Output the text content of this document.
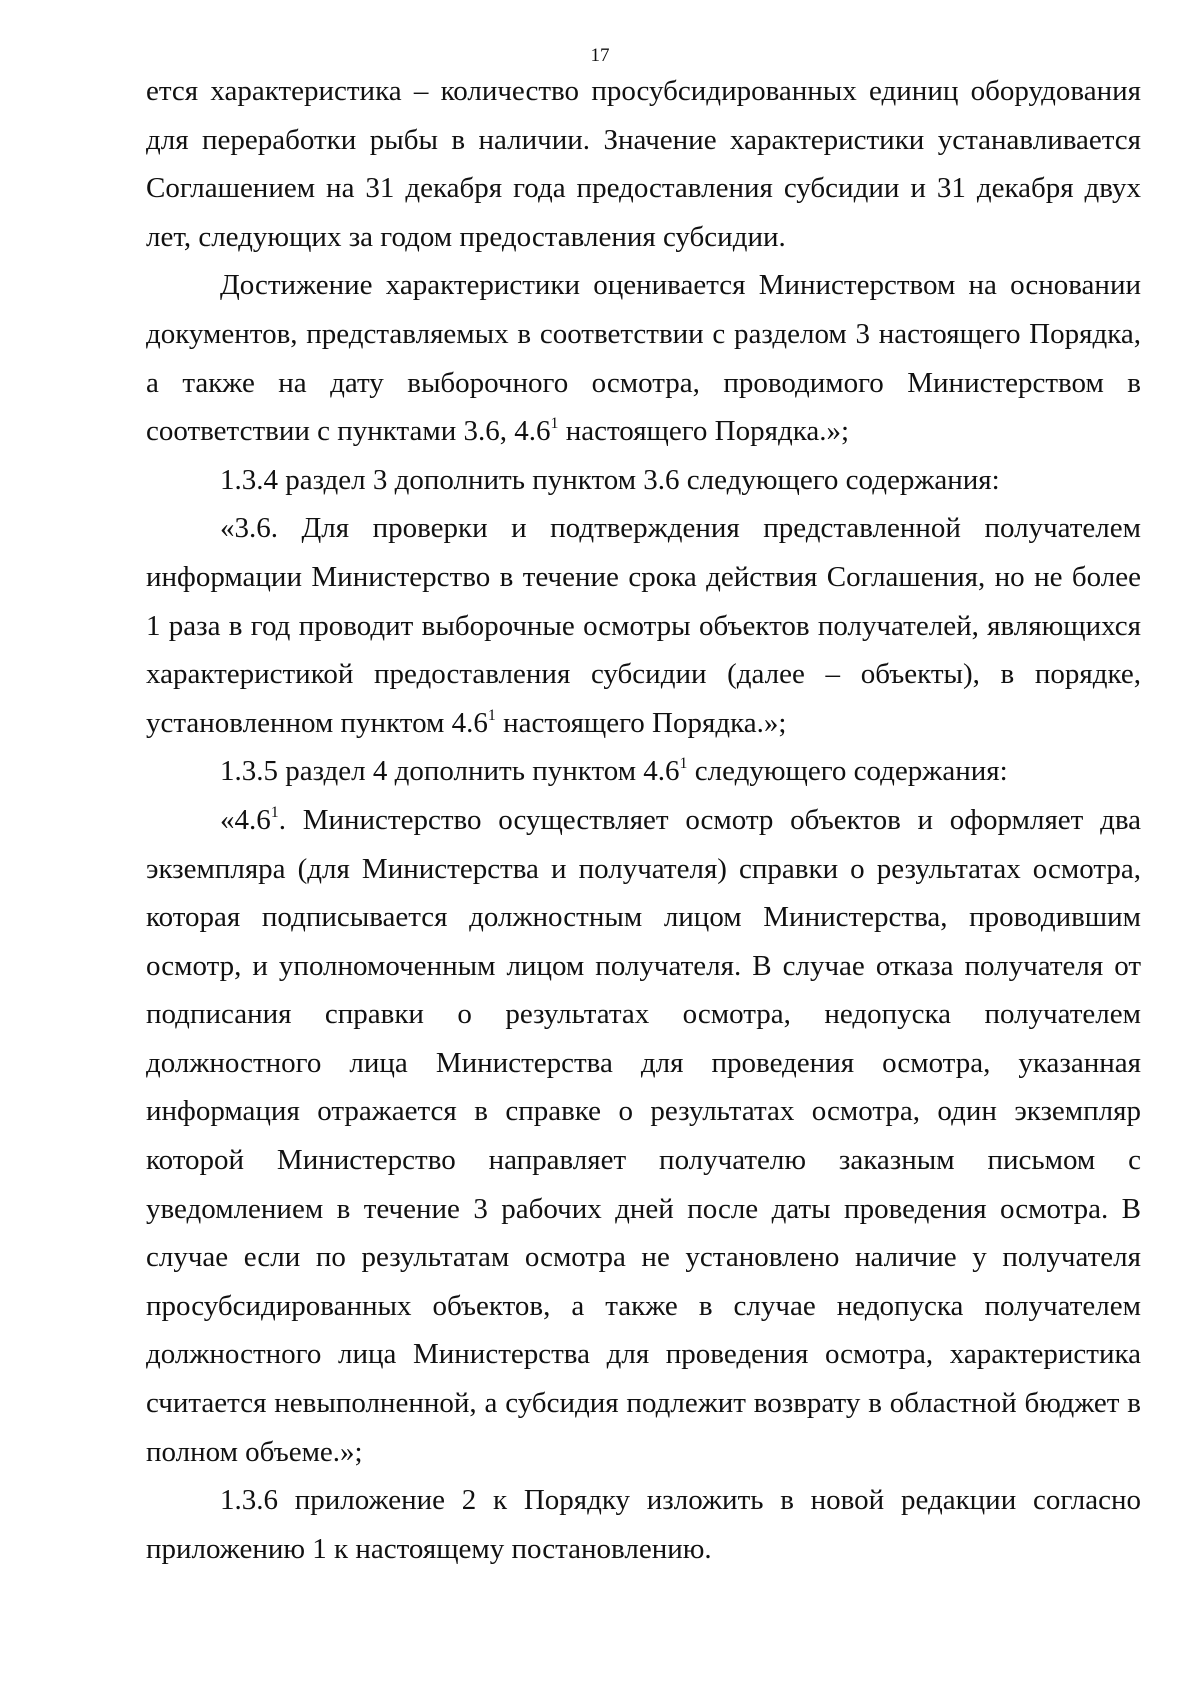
17

ется характеристика – количество просубсидированных единиц оборудования для переработки рыбы в наличии. Значение характеристики устанавливается Соглашением на 31 декабря года предоставления субсидии и 31 декабря двух лет, следующих за годом предоставления субсидии.

Достижение характеристики оценивается Министерством на основании документов, представляемых в соответствии с разделом 3 настоящего Порядка, а также на дату выборочного осмотра, проводимого Министерством в соответствии с пунктами 3.6, $4.6^1$ настоящего Порядка.»;

1.3.4 раздел 3 дополнить пунктом 3.6 следующего содержания:

«3.6. Для проверки и подтверждения представленной получателем информации Министерство в течение срока действия Соглашения, но не более 1 раза в год проводит выборочные осмотры объектов получателей, являющихся характеристикой предоставления субсидии (далее – объекты), в порядке, установленном пунктом $4.6^1$ настоящего Порядка.»;

1.3.5 раздел 4 дополнить пунктом $4.6^1$ следующего содержания:

«$4.6^1$. Министерство осуществляет осмотр объектов и оформляет два экземпляра (для Министерства и получателя) справки о результатах осмотра, которая подписывается должностным лицом Министерства, проводившим осмотр, и уполномоченным лицом получателя. В случае отказа получателя от подписания справки о результатах осмотра, недопуска получателем должностного лица Министерства для проведения осмотра, указанная информация отражается в справке о результатах осмотра, один экземпляр которой Министерство направляет получателю заказным письмом с уведомлением в течение 3 рабочих дней после даты проведения осмотра. В случае если по результатам осмотра не установлено наличие у получателя просубсидированных объектов, а также в случае недопуска получателем должностного лица Министерства для проведения осмотра, характеристика считается невыполненной, а субсидия подлежит возврату в областной бюджет в полном объеме.»;

1.3.6 приложение 2 к Порядку изложить в новой редакции согласно приложению 1 к настоящему постановлению.
